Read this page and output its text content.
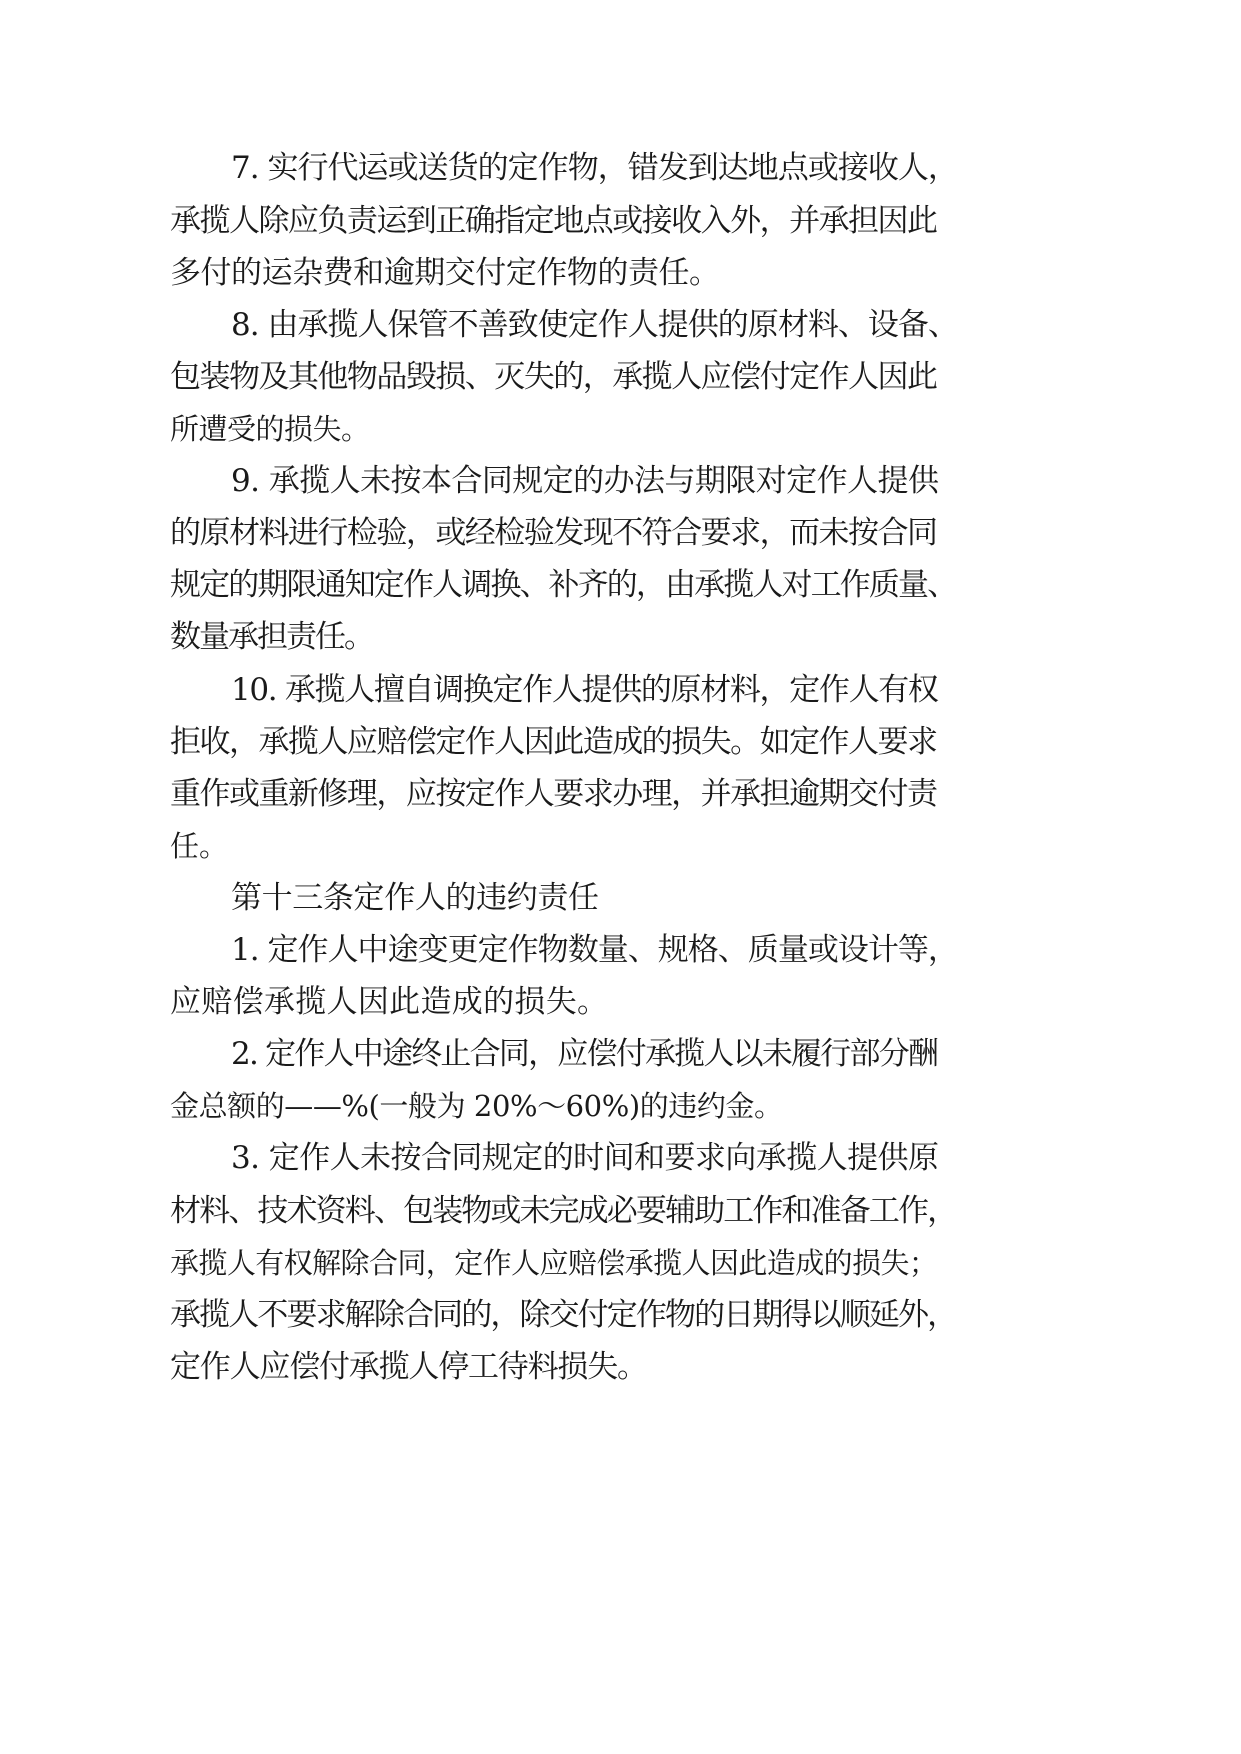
7. 实行代运或送货的定作物，错发到达地点或接收人，
承揽人除应负责运到正确指定地点或接收入外，并承担因此
多付的运杂费和逾期交付定作物的责任。
8. 由承揽人保管不善致使定作人提供的原材料、设备、
包装物及其他物品毁损、灭失的，承揽人应偿付定作人因此
所遭受的损失。
9. 承揽人未按本合同规定的办法与期限对定作人提供
的原材料进行检验，或经检验发现不符合要求，而未按合同
规定的期限通知定作人调换、补齐的，由承揽人对工作质量、
数量承担责任。
10. 承揽人擅自调换定作人提供的原材料，定作人有权
拒收，承揽人应赔偿定作人因此造成的损失。如定作人要求
重作或重新修理，应按定作人要求办理，并承担逾期交付责
任。
第十三条定作人的违约责任
1. 定作人中途变更定作物数量、规格、质量或设计等，
应赔偿承揽人因此造成的损失。
2. 定作人中途终止合同，应偿付承揽人以未履行部分酬
金总额的——%(一般为 20%～60%)的违约金。
3. 定作人未按合同规定的时间和要求向承揽人提供原
材料、技术资料、包装物或未完成必要辅助工作和准备工作，
承揽人有权解除合同，定作人应赔偿承揽人因此造成的损失；
承揽人不要求解除合同的，除交付定作物的日期得以顺延外，
定作人应偿付承揽人停工待料损失。
